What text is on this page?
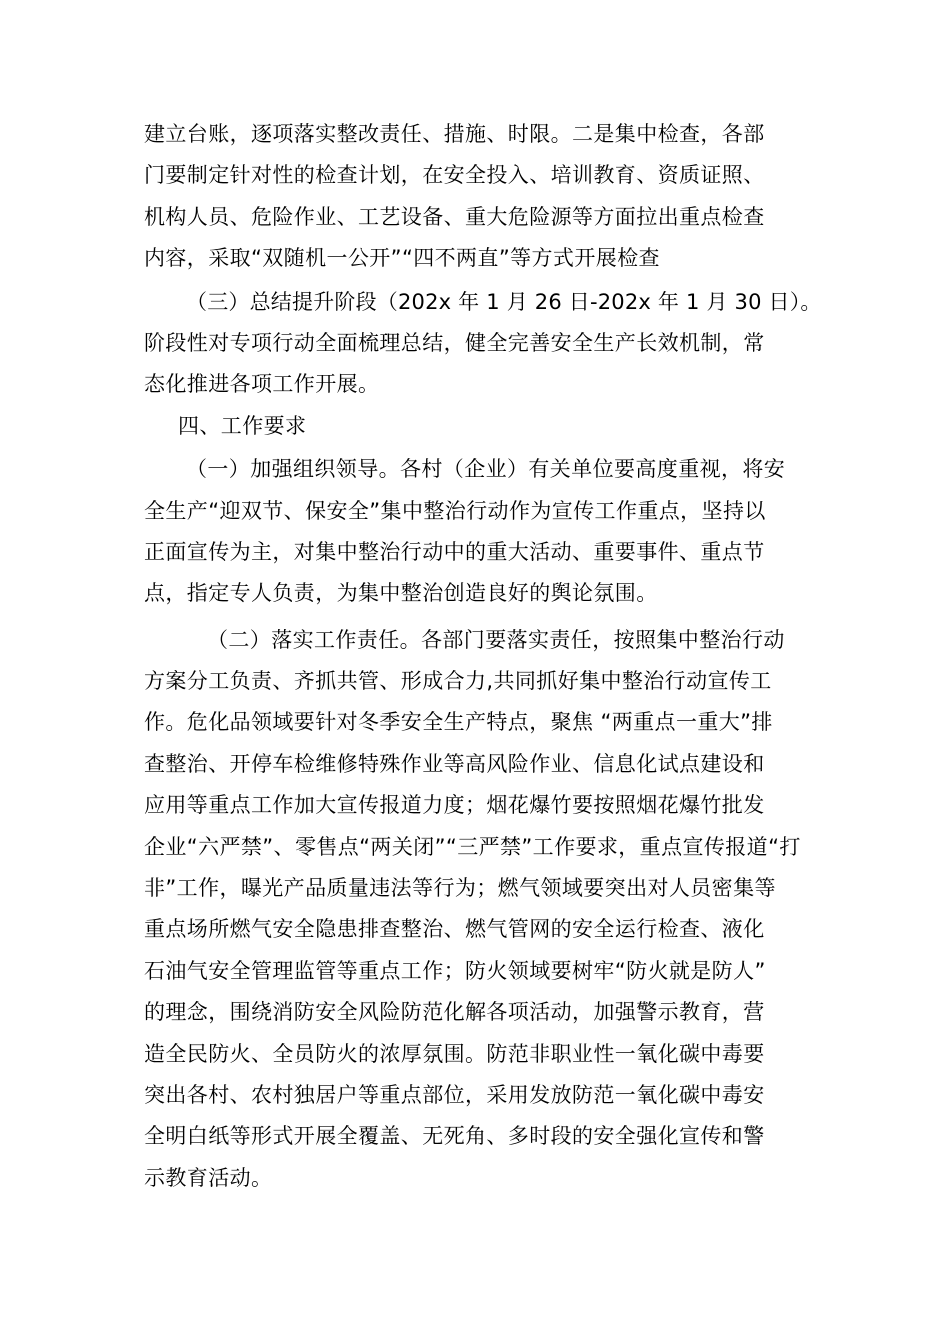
建立台账，逐项落实整改责任、措施、时限。二是集中检查，各部
门要制定针对性的检查计划，在安全投入、培训教育、资质证照、
机构人员、危险作业、工艺设备、重大危险源等方面拉出重点检查
内容，采取“双随机一公开”“四不两直”等方式开展检查
（三）总结提升阶段（202x 年 1 月 26 日-202x 年 1 月 30 日）。
阶段性对专项行动全面梳理总结，健全完善安全生产长效机制，常
态化推进各项工作开展。
四、工作要求
（一）加强组织领导。各村（企业）有关单位要高度重视，将安
全生产“迎双节、保安全”集中整治行动作为宣传工作重点，坚持以
正面宣传为主，对集中整治行动中的重大活动、重要事件、重点节
点，指定专人负责，为集中整治创造良好的舆论氛围。
（二）落实工作责任。各部门要落实责任，按照集中整治行动
方案分工负责、齐抓共管、形成合力,共同抓好集中整治行动宣传工
作。危化品领域要针对冬季安全生产特点，聚焦 “两重点一重大”排
查整治、开停车检维修特殊作业等高风险作业、信息化试点建设和
应用等重点工作加大宣传报道力度；烟花爆竹要按照烟花爆竹批发
企业“六严禁”、零售点“两关闭”“三严禁”工作要求，重点宣传报道“打
非”工作，曝光产品质量违法等行为；燃气领域要突出对人员密集等
重点场所燃气安全隐患排查整治、燃气管网的安全运行检查、液化
石油气安全管理监管等重点工作；防火领域要树牢“防火就是防人”
的理念，围绕消防安全风险防范化解各项活动，加强警示教育，营
造全民防火、全员防火的浓厚氛围。防范非职业性一氧化碳中毒要
突出各村、农村独居户等重点部位，采用发放防范一氧化碳中毒安
全明白纸等形式开展全覆盖、无死角、多时段的安全强化宣传和警
示教育活动。
